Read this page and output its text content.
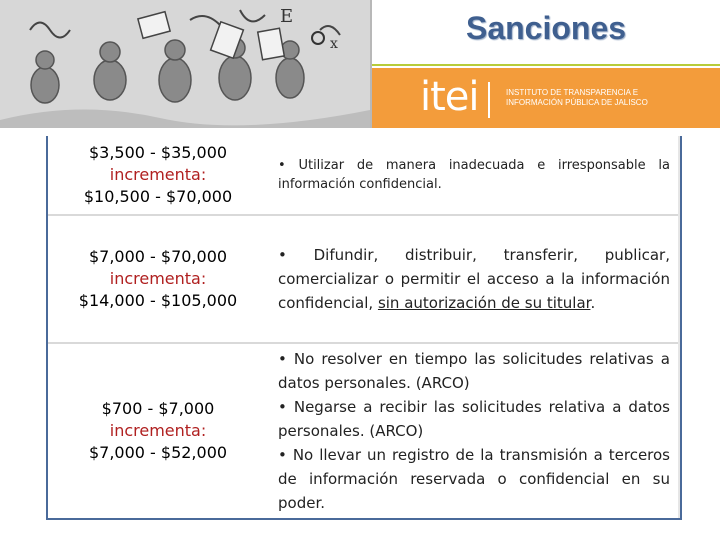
E
x	Sanciones
itei	INSTITUTO DE TRANSPARENCIA E
INFORMACIÓN PÚBLICA DE JALISCO
$3,500 - $35,000
incrementa:
$10,500 - $70,000
• Utilizar de manera inadecuada e irresponsable la información confidencial.
$7,000 - $70,000
incrementa:
$14,000 - $105,000
• Difundir, distribuir, transferir, publicar, comercializar o permitir el acceso a la información confidencial, sin autorización de su titular.
$700 - $7,000
incrementa:
$7,000 - $52,000
• No resolver en tiempo las solicitudes relativas a datos personales. (ARCO)
• Negarse a recibir las solicitudes relativa a datos personales. (ARCO)
• No llevar un registro de la transmisión a terceros de información reservada o confidencial en su poder.
